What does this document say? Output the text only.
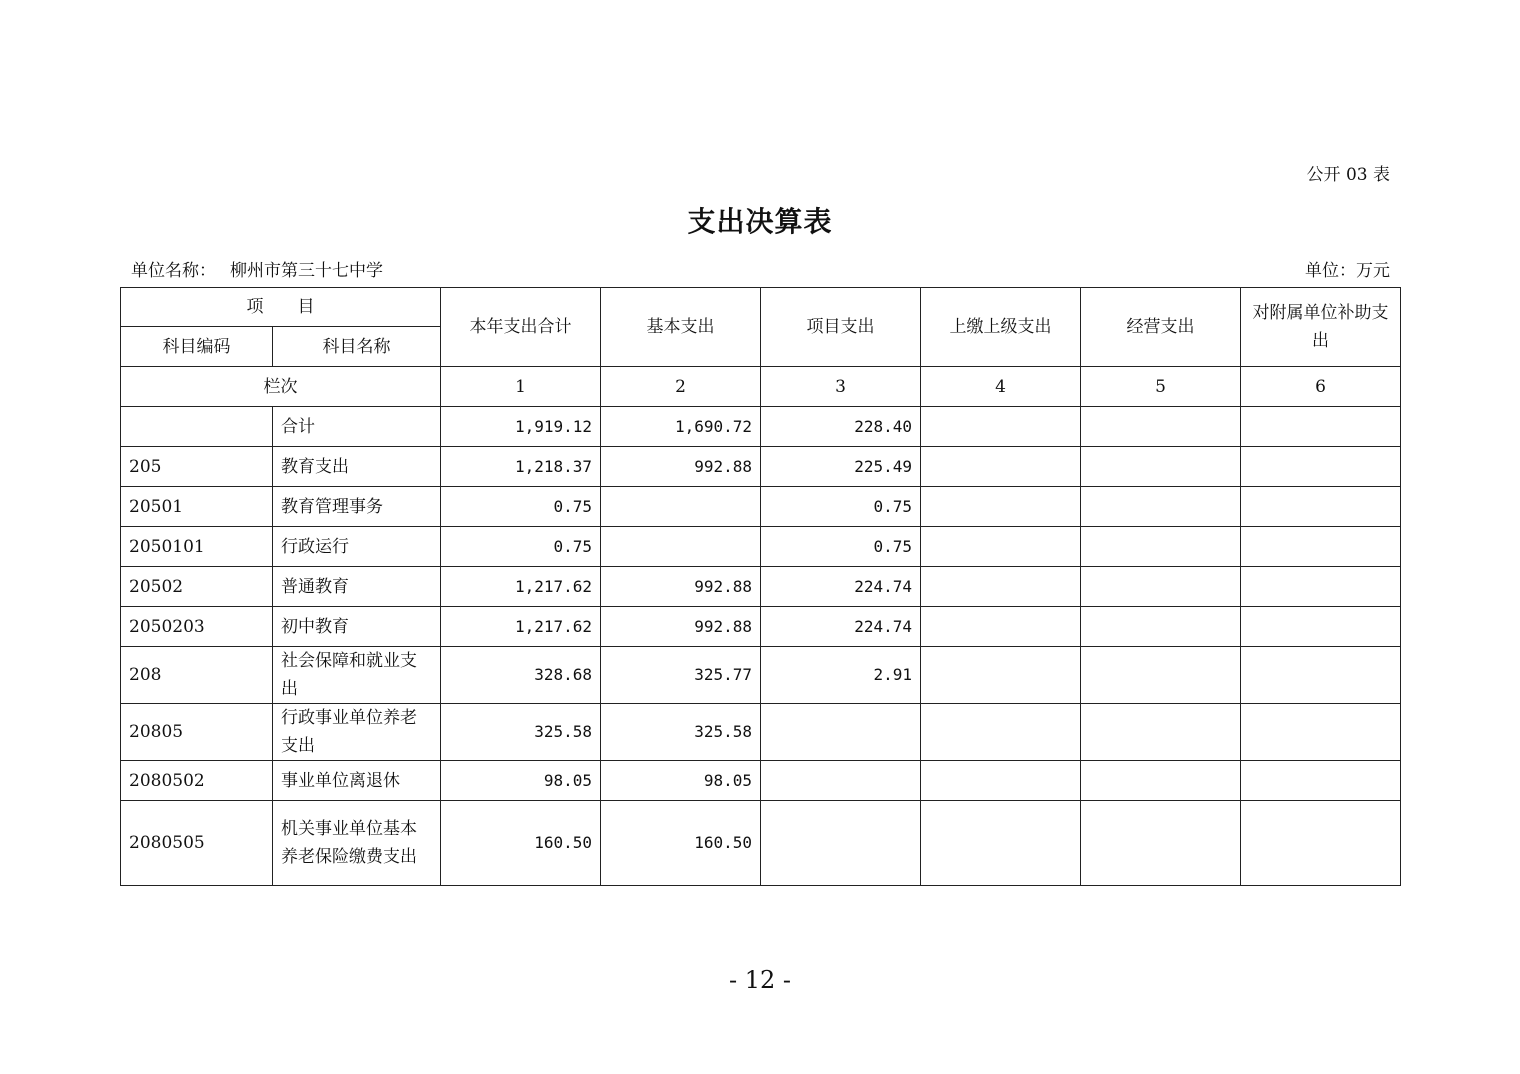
公开 03 表
支出决算表
单位名称： 柳州市第三十七中学	单位：万元
项　　目		本年支出合计	基本支出	项目支出	上缴上级支出	经营支出	对附属单位补助支出
科目编码	科目名称						
栏次		1	2	3	4	5	6
	合计	1,919.12	1,690.72	228.40			
205	教育支出	1,218.37	992.88	225.49			
20501	教育管理事务	0.75		0.75			
2050101	行政运行	0.75		0.75			
20502	普通教育	1,217.62	992.88	224.74			
2050203	初中教育	1,217.62	992.88	224.74			
208	社会保障和就业支出	328.68	325.77	2.91			
20805	行政事业单位养老支出	325.58	325.58				
2080502	事业单位离退休	98.05	98.05				
2080505	机关事业单位基本养老保险缴费支出	160.50	160.50				
- 12 -
